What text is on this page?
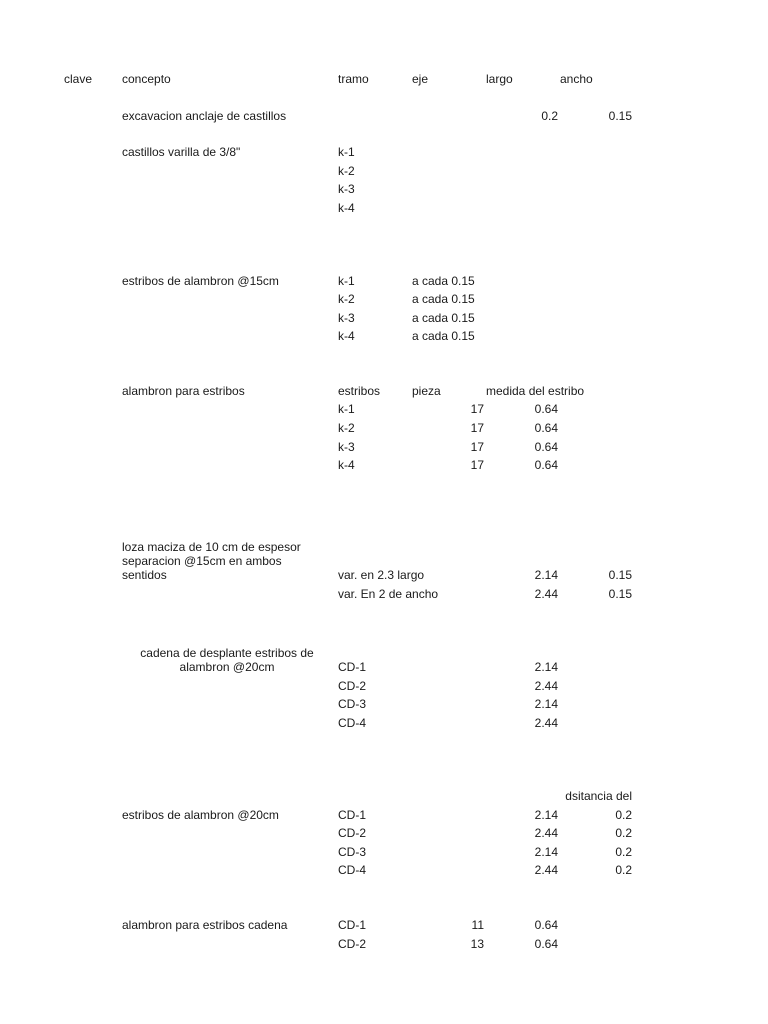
clave concepto	tramo	eje	largo	ancho
excavacion anclaje de castillos	0.2	0.15
castillos varilla de 3/8"	k-1
k-2
k-3
k-4
estribos de alambron @15cm	k-1	a cada 0.15
k-2	a cada 0.15
k-3	a cada 0.15
k-4	a cada 0.15
alambron para estribos	estribos	pieza	medida del estribo
k-1	17	0.64
k-2	17	0.64
k-3	17	0.64
k-4	17	0.64
loza maciza de 10 cm de espesor
separacion @15cm en ambos
sentidos	var. en 2.3 largo	2.14	0.15
var. En 2 de ancho	2.44	0.15
cadena de desplante estribos de
alambron @20cm	CD-1	2.14
CD-2	2.44
CD-3	2.14
CD-4	2.44
dsitancia del
estribos de alambron @20cm	CD-1	2.14	0.2
CD-2	2.44	0.2
CD-3	2.14	0.2
CD-4	2.44	0.2
alambron para estribos cadena	CD-1	11	0.64
CD-2	13	0.64
